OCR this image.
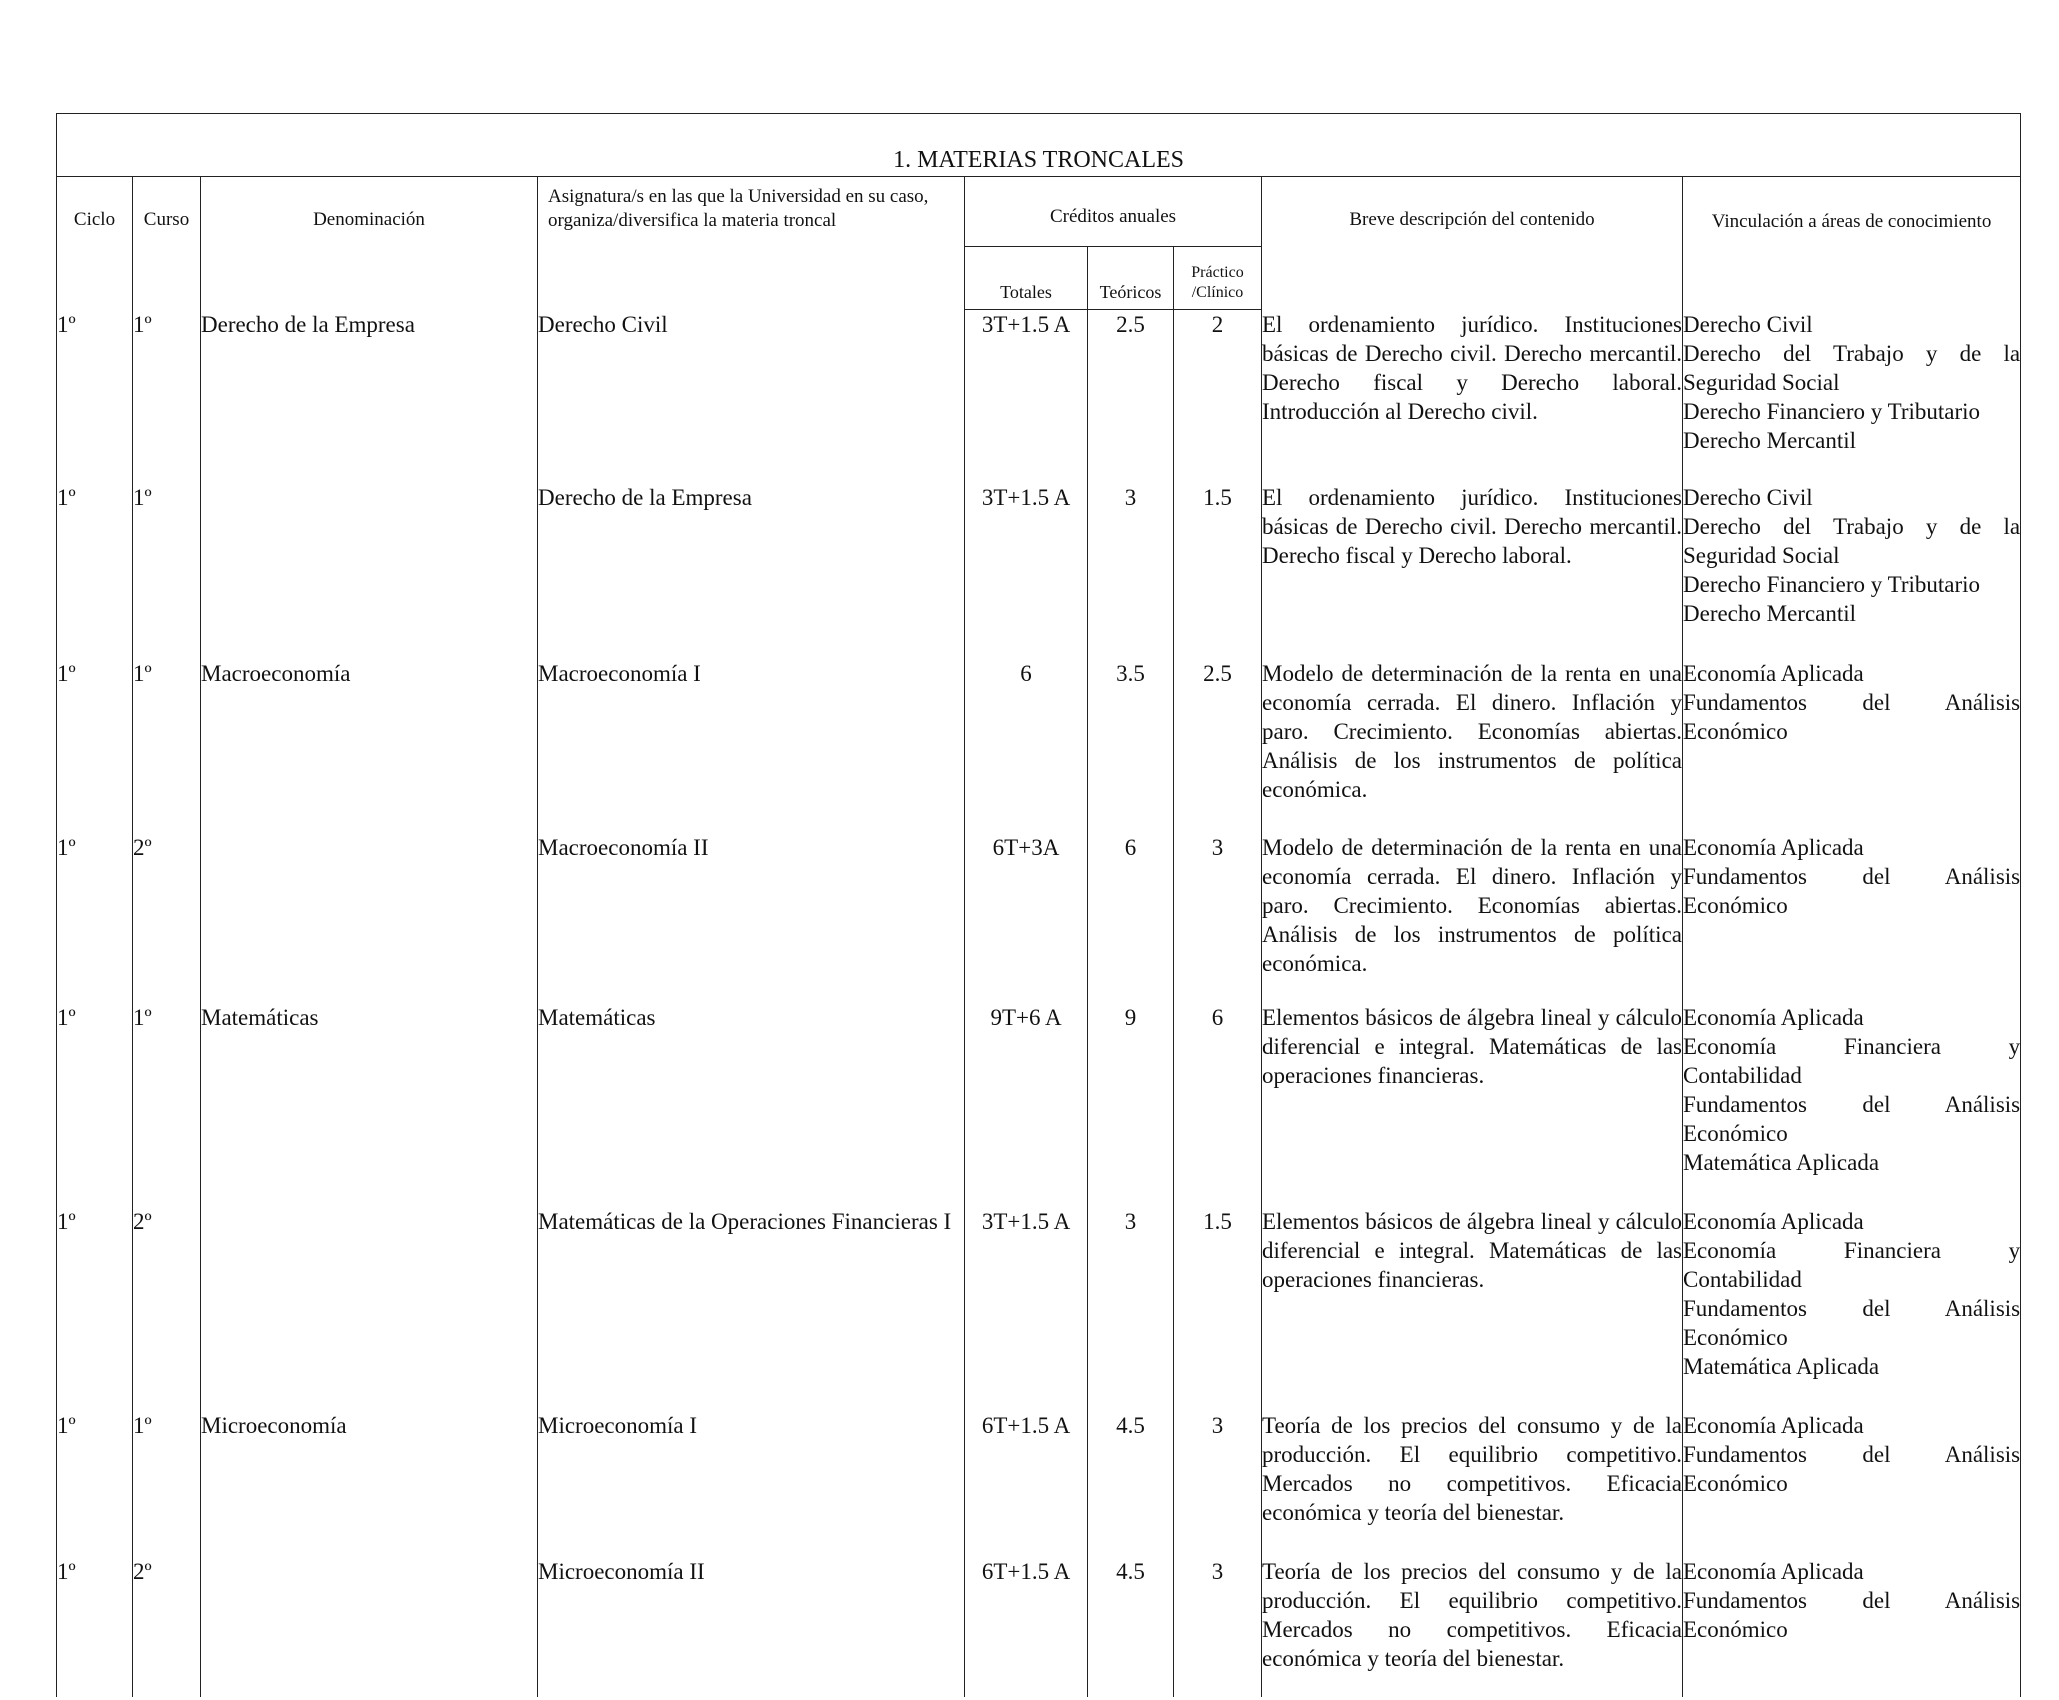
1. MATERIAS TRONCALES								
Ciclo	Curso	Denominación	Asignatura/s en las que la Universidad en su caso, organiza/diversifica la materia troncal	Créditos anuales			Breve descripción del contenido	Vinculación a áreas de conocimiento
				Totales	Teóricos	Práctico /Clínico		
1º	1º	Derecho de la Empresa	Derecho Civil	3T+1.5 A	2.5	2	El ordenamiento jurídico. Instituciones básicas de Derecho civil. Derecho mercantil. Derecho fiscal y Derecho laboral. Introducción al Derecho civil.	Derecho Civil
Derecho del Trabajo y de la Seguridad Social
Derecho Financiero y Tributario
Derecho Mercantil

1º	1º		Derecho de la Empresa	3T+1.5 A	3	1.5	El ordenamiento jurídico. Instituciones básicas de Derecho civil. Derecho mercantil. Derecho fiscal y Derecho laboral.	Derecho Civil
Derecho del Trabajo y de la Seguridad Social
Derecho Financiero y Tributario
Derecho Mercantil

1º	1º	Macroeconomía	Macroeconomía I	6	3.5	2.5	Modelo de determinación de la renta en una economía cerrada. El dinero. Inflación y paro. Crecimiento. Economías abiertas. Análisis de los instrumentos de política económica.	Economía Aplicada
Fundamentos del Análisis Económico

1º	2º		Macroeconomía II	6T+3A	6	3	Modelo de determinación de la renta en una economía cerrada. El dinero. Inflación y paro. Crecimiento. Economías abiertas. Análisis de los instrumentos de política económica.	Economía Aplicada
Fundamentos del Análisis Económico

1º	1º	Matemáticas	Matemáticas	9T+6 A	9	6	Elementos básicos de álgebra lineal y cálculo diferencial e integral. Matemáticas de las operaciones financieras.	Economía Aplicada
Economía Financiera y Contabilidad
Fundamentos del Análisis Económico
Matemática Aplicada

1º	2º		Matemáticas de la Operaciones Financieras I	3T+1.5 A	3	1.5	Elementos básicos de álgebra lineal y cálculo diferencial e integral. Matemáticas de las operaciones financieras.	Economía Aplicada
Economía Financiera y Contabilidad
Fundamentos del Análisis Económico
Matemática Aplicada

1º	1º	Microeconomía	Microeconomía I	6T+1.5 A	4.5	3	Teoría de los precios del consumo y de la producción. El equilibrio competitivo. Mercados no competitivos. Eficacia económica y teoría del bienestar.	Economía Aplicada
Fundamentos del Análisis Económico

1º	2º		Microeconomía II	6T+1.5 A	4.5	3	Teoría de los precios del consumo y de la producción. El equilibrio competitivo. Mercados no competitivos. Eficacia económica y teoría del bienestar.	Economía Aplicada
Fundamentos del Análisis Económico
